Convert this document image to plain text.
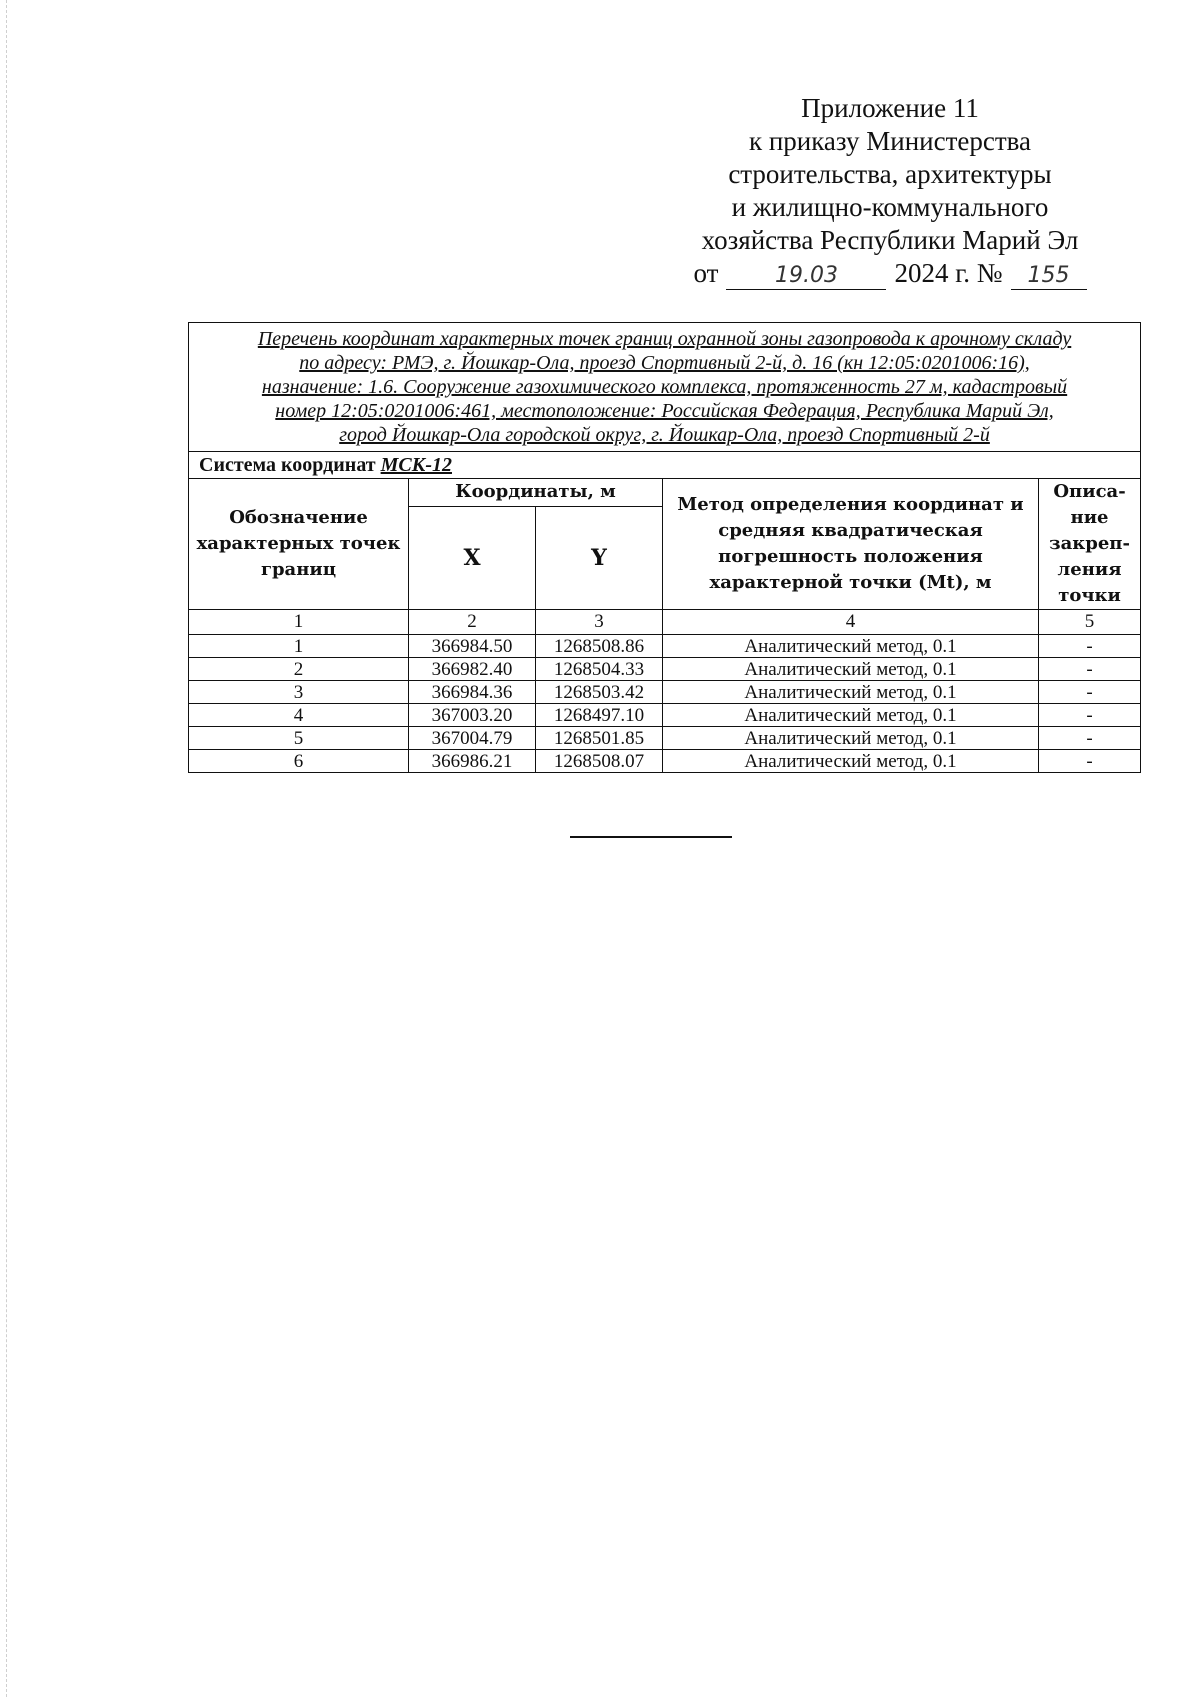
Приложение 11
к приказу Министерства
строительства, архитектуры
и жилищно-коммунального
хозяйства Республики Марий Эл
от	19.03	2024 г. №	155
Перечень координат характерных точек границ охранной зоны газопровода к арочному складу
по адресу: РМЭ, г. Йошкар-Ола, проезд Спортивный 2-й, д. 16 (кн 12:05:0201006:16),
назначение: 1.6. Сооружение газохимического комплекса, протяженность 27 м, кадастровый
номер 12:05:0201006:461, местоположение: Российская Федерация, Республика Марий Эл,
город Йошкар-Ола городской округ, г. Йошкар-Ола, проезд Спортивный 2-й				

Система координат МСК-12				
Обозначение характерных точек границ	Координаты, м		Метод определения координат и средняя квадратическая погрешность положения характерной точки (Mt), м	Описа-ние закреп-ления точки
	X	Y		
1	2	3	4	5
1	366984.50	1268508.86	Аналитический метод, 0.1	-
2	366982.40	1268504.33	Аналитический метод, 0.1	-
3	366984.36	1268503.42	Аналитический метод, 0.1	-
4	367003.20	1268497.10	Аналитический метод, 0.1	-
5	367004.79	1268501.85	Аналитический метод, 0.1	-
6	366986.21	1268508.07	Аналитический метод, 0.1	-
